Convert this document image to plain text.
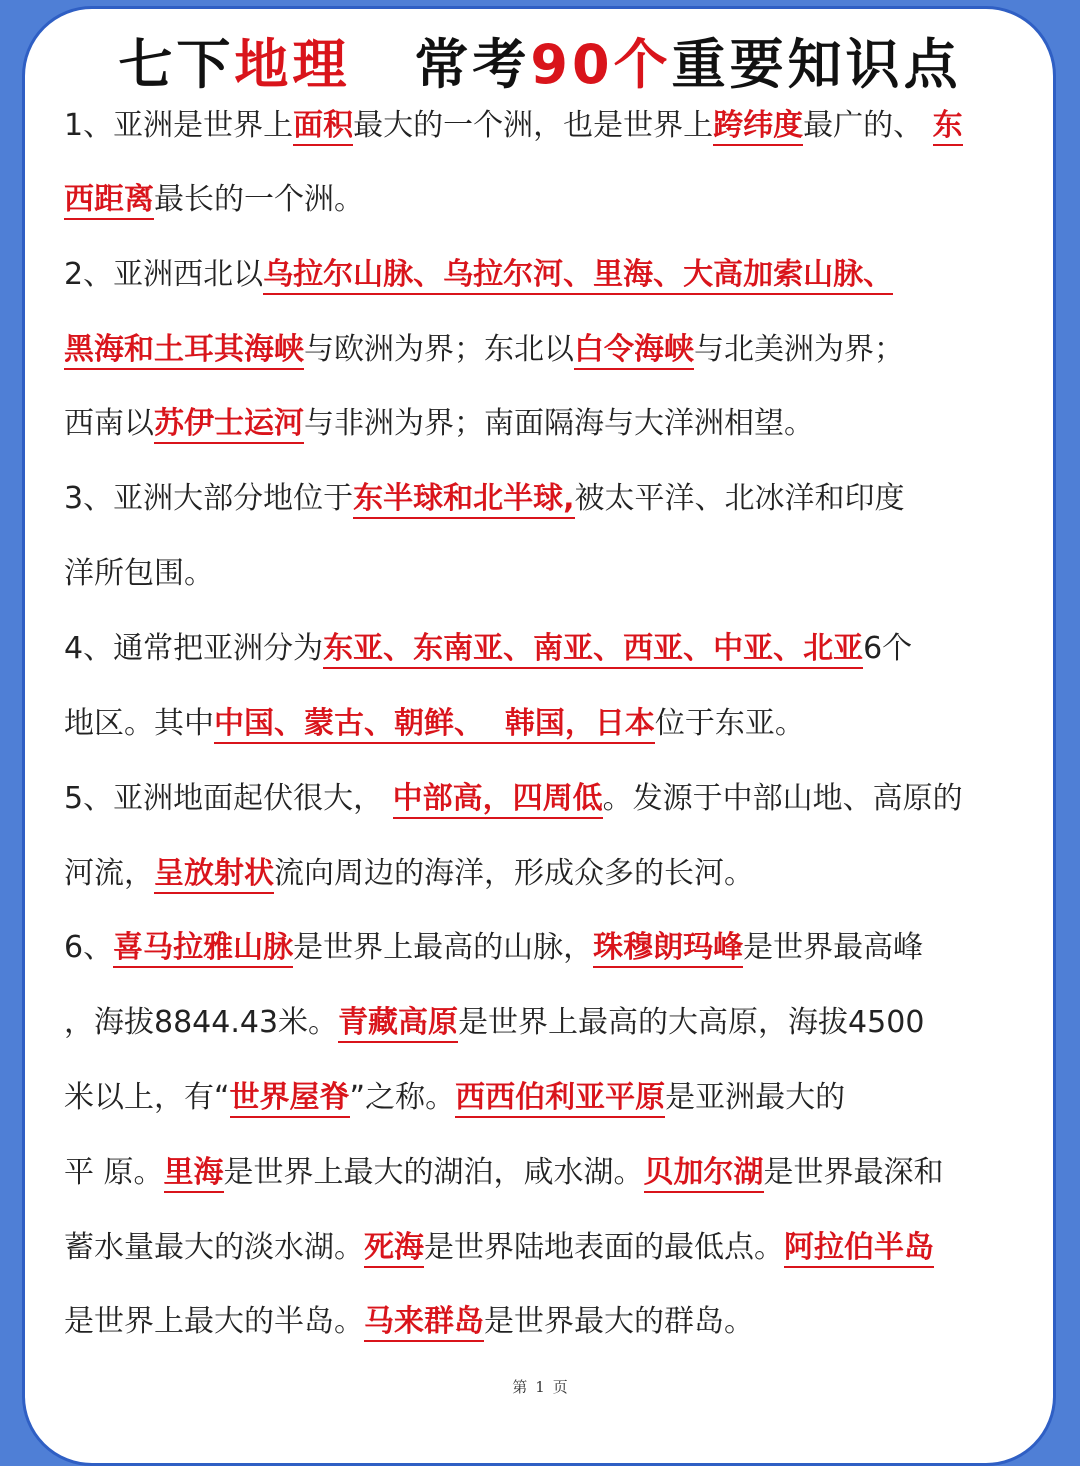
七下地理 常考90个重要知识点
1、亚洲是世界上面积最大的一个洲，也是世界上跨纬度最广的、 东
西距离最长的一个洲。
2、亚洲西北以乌拉尔山脉、乌拉尔河、里海、大高加索山脉、
黑海和土耳其海峡与欧洲为界；东北以白令海峡与北美洲为界；
西南以苏伊士运河与非洲为界；南面隔海与大洋洲相望。
3、亚洲大部分地位于东半球和北半球,被太平洋、北冰洋和印度
洋所包围。
4、通常把亚洲分为东亚、东南亚、南亚、西亚、中亚、北亚6个
地区。其中中国、蒙古、朝鲜、  韩国，日本位于东亚。
5、亚洲地面起伏很大， 中部高，四周低。发源于中部山地、高原的
河流，呈放射状流向周边的海洋，形成众多的长河。
6、喜马拉雅山脉是世界上最高的山脉，珠穆朗玛峰是世界最高峰
，海拔8844.43米。青藏高原是世界上最高的大高原，海拔4500
米以上，有“世界屋脊”之称。西西伯利亚平原是亚洲最大的
平 原。里海是世界上最大的湖泊，咸水湖。贝加尔湖是世界最深和
蓄水量最大的淡水湖。死海是世界陆地表面的最低点。阿拉伯半岛
是世界上最大的半岛。马来群岛是世界最大的群岛。
第 1 页
